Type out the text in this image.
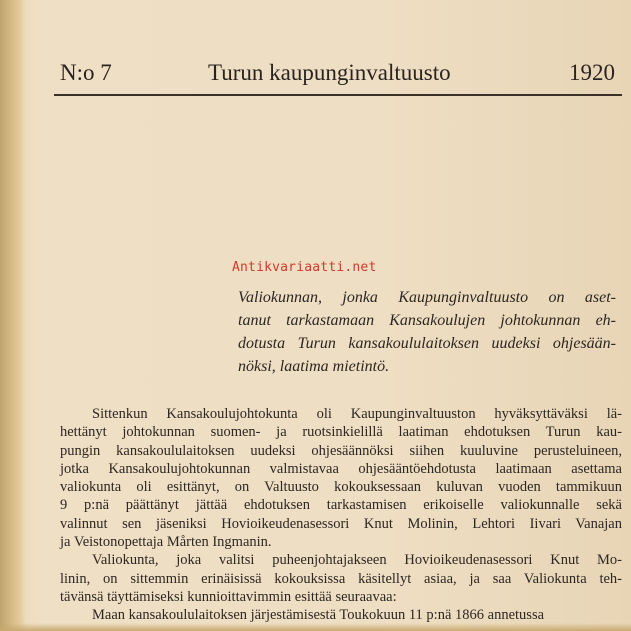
N:o 7	Turun kaupunginvaltuusto	1920
Antikvariaatti.net
Valiokunnan, jonka Kaupunginvaltuusto on aset-
tanut tarkastamaan Kansakoulujen johtokunnan eh-
dotusta Turun kansakoululaitoksen uudeksi ohjesään-
nöksi, laatima mietintö.
Sittenkun Kansakoulujohtokunta oli Kaupunginvaltuuston hyväksyttäväksi lä-
hettänyt johtokunnan suomen- ja ruotsinkielillä laatiman ehdotuksen Turun kau-
pungin kansakoululaitoksen uudeksi ohjesäännöksi siihen kuuluvine perusteluineen,
jotka Kansakoulujohtokunnan valmistavaa ohjesääntöehdotusta laatimaan asettama
valiokunta oli esittänyt, on Valtuusto kokouksessaan kuluvan vuoden tammikuun
9 p:nä päättänyt jättää ehdotuksen tarkastamisen erikoiselle valiokunnalle sekä
valinnut sen jäseniksi Hovioikeudenasessori Knut Molinin, Lehtori Iivari Vanajan
ja Veistonopettaja Mårten Ingmanin.
Valiokunta, joka valitsi puheenjohtajakseen Hovioikeudenasessori Knut Mo-
linin, on sittemmin erinäisissä kokouksissa käsitellyt asiaa, ja saa Valiokunta teh-
tävänsä täyttämiseksi kunnioittavimmin esittää seuraavaa:
Maan kansakoululaitoksen järjestämisestä Toukokuun 11 p:nä 1866 annetussa
